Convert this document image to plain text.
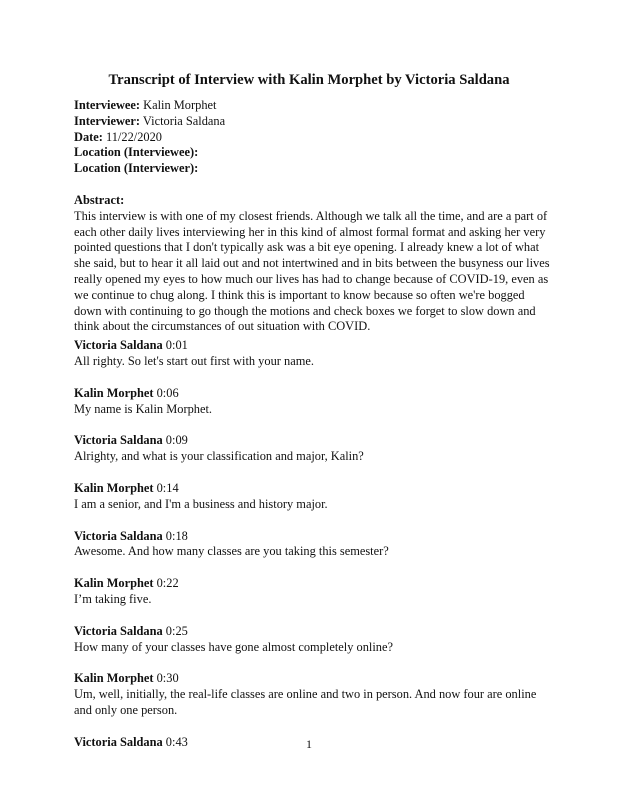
Transcript of Interview with Kalin Morphet by Victoria Saldana

Interviewee: Kalin Morphet

Interviewer: Victoria Saldana

Date: 11/22/2020

Location (Interviewee):

Location (Interviewer):

Abstract:

This interview is with one of my closest friends. Although we talk all the time, and are a part of each other daily lives interviewing her in this kind of almost formal format and asking her very pointed questions that I don't typically ask was a bit eye opening. I already knew a lot of what she said, but to hear it all laid out and not intertwined and in bits between the busyness our lives really opened my eyes to how much our lives has had to change because of COVID-19, even as we continue to chug along. I think this is important to know because so often we're bogged down with continuing to go though the motions and check boxes we forget to slow down and think about the circumstances of out situation with COVID.

Victoria Saldana 0:01

All righty. So let's start out first with your name.

Kalin Morphet 0:06

My name is Kalin Morphet.

Victoria Saldana 0:09

Alrighty, and what is your classification and major, Kalin?

Kalin Morphet 0:14

I am a senior, and I'm a business and history major.

Victoria Saldana 0:18

Awesome. And how many classes are you taking this semester?

Kalin Morphet 0:22

I’m taking five.

Victoria Saldana 0:25

How many of your classes have gone almost completely online?

Kalin Morphet 0:30

Um, well, initially, the real-life classes are online and two in person. And now four are online and only one person.

Victoria Saldana 0:43	1
